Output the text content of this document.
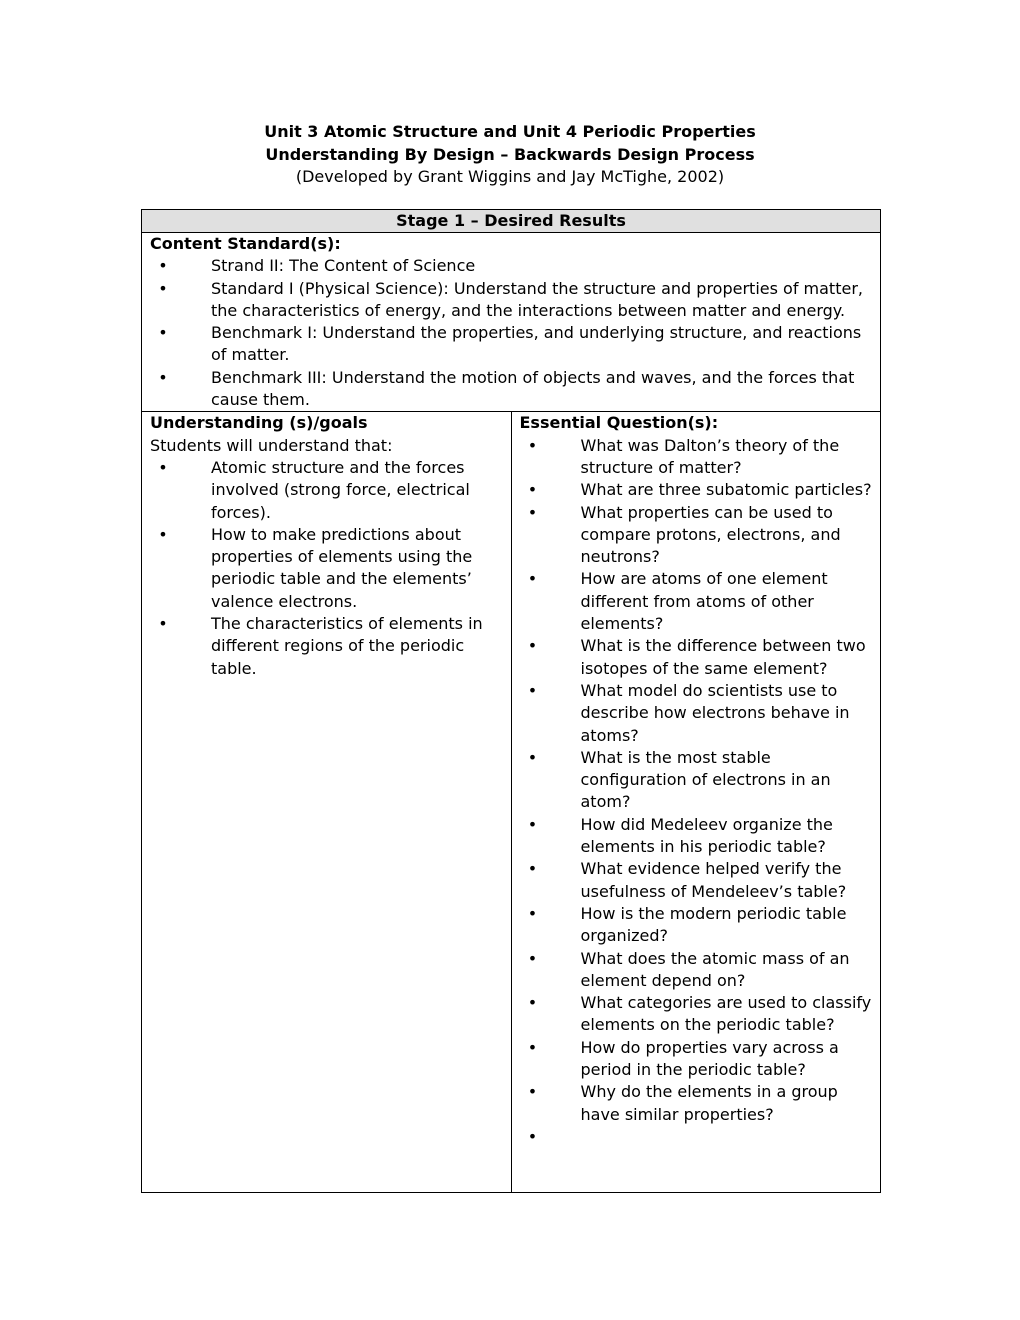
Unit 3 Atomic Structure and Unit 4 Periodic Properties
Understanding By Design – Backwards Design Process
(Developed by Grant Wiggins and Jay McTighe, 2002)
Stage 1 – Desired Results

Content Standard(s):
•	Strand II: The Content of Science
•	Standard I (Physical Science): Understand the structure and properties of matter, the characteristics of energy, and the interactions between matter and energy.
•	Benchmark I: Understand the properties, and underlying structure, and reactions of matter.
•	Benchmark III: Understand the motion of objects and waves, and the forces that cause them.

Understanding (s)/goals
Students will understand that:
•	Atomic structure and the forces involved (strong force, electrical forces).
•	How to make predictions about properties of elements using the periodic table and the elements’ valence electrons.
•	The characteristics of elements in different regions of the periodic table.

Essential Question(s):
•	What was Dalton’s theory of the structure of matter?
•	What are three subatomic particles?
•	What properties can be used to compare protons, electrons, and neutrons?
•	How are atoms of one element different from atoms of other elements?
•	What is the difference between two isotopes of the same element?
•	What model do scientists use to describe how electrons behave in atoms?
•	What is the most stable configuration of electrons in an atom?
•	How did Medeleev organize the elements in his periodic table?
•	What evidence helped verify the usefulness of Mendeleev’s table?
•	How is the modern periodic table organized?
•	What does the atomic mass of an element depend on?
•	What categories are used to classify elements on the periodic table?
•	How do properties vary across a period in the periodic table?
•	Why do the elements in a group have similar properties?
•
